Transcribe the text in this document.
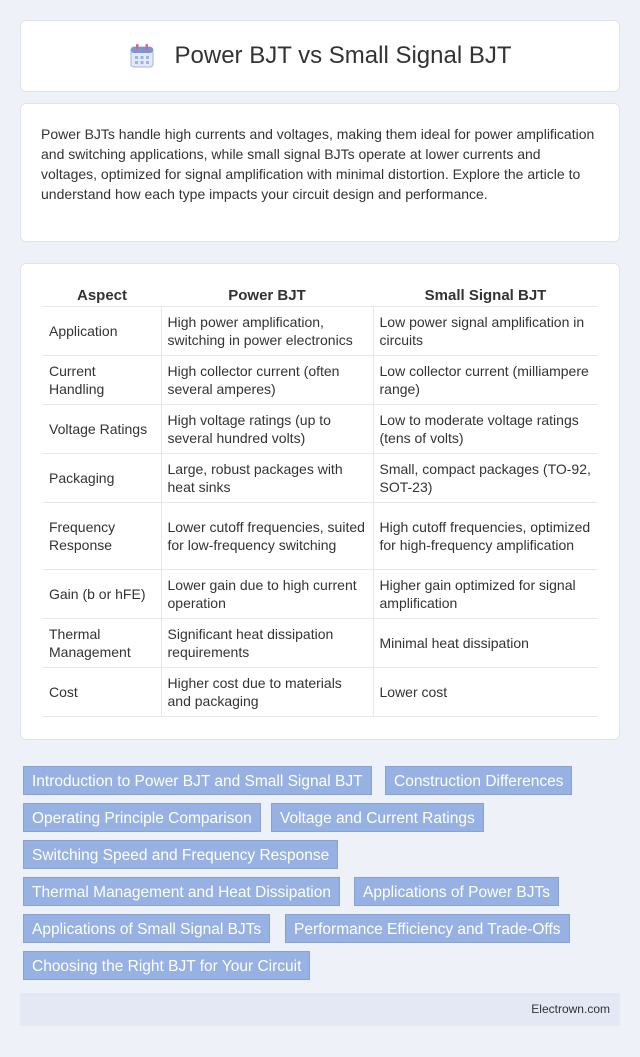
Power BJT vs Small Signal BJT

Power BJTs handle high currents and voltages, making them ideal for power amplification and switching applications, while small signal BJTs operate at lower currents and voltages, optimized for signal amplification with minimal distortion. Explore the article to understand how each type impacts your circuit design and performance.

Aspect	Power BJT	Small Signal BJT
Application	High power amplification, switching in power electronics	Low power signal amplification in circuits
Current Handling	High collector current (often several amperes)	Low collector current (milliampere range)
Voltage Ratings	High voltage ratings (up to several hundred volts)	Low to moderate voltage ratings (tens of volts)
Packaging	Large, robust packages with heat sinks	Small, compact packages (TO-92, SOT-23)
Frequency Response	Lower cutoff frequencies, suited for low-frequency switching	High cutoff frequencies, optimized for high-frequency amplification
Gain (b or hFE)	Lower gain due to high current operation	Higher gain optimized for signal amplification
Thermal Management	Significant heat dissipation requirements	Minimal heat dissipation
Cost	Higher cost due to materials and packaging	Lower cost
Introduction to Power BJT and Small Signal BJT	Construction Differences
Operating Principle Comparison	Voltage and Current Ratings
Switching Speed and Frequency Response
Thermal Management and Heat Dissipation	Applications of Power BJTs
Applications of Small Signal BJTs	Performance Efficiency and Trade-Offs
Choosing the Right BJT for Your Circuit
Electrown.com
